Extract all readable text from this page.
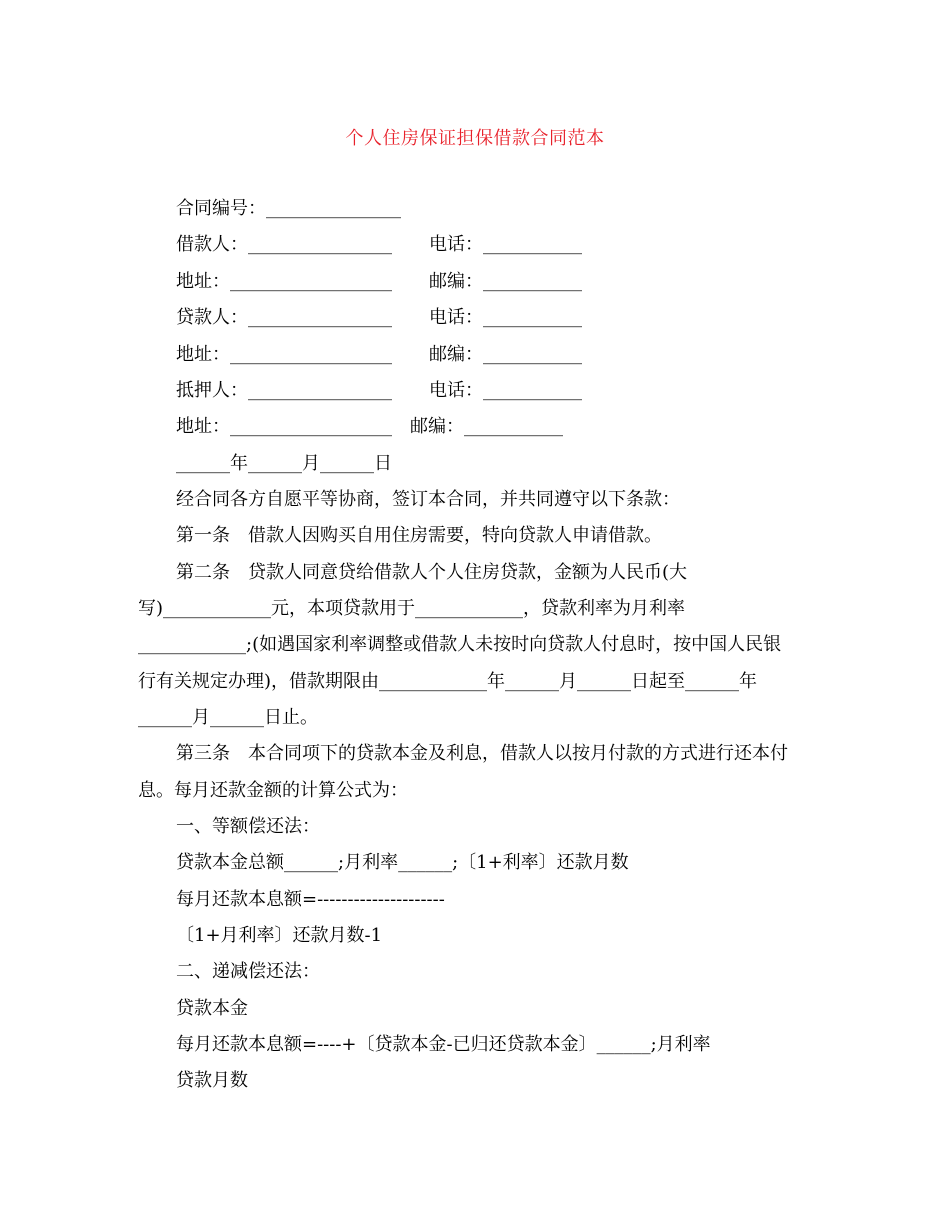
个人住房保证担保借款合同范本
合同编号：_______________
借款人：________________ 电话：___________
地址：__________________ 邮编：___________
贷款人：________________ 电话：___________
地址：__________________ 邮编：___________
抵押人：________________ 电话：___________
地址：__________________ 邮编：___________
______年______月______日
经合同各方自愿平等协商，签订本合同，并共同遵守以下条款：
第一条　借款人因购买自用住房需要，特向贷款人申请借款。
第二条　贷款人同意贷给借款人个人住房贷款，金额为人民币(大
写)____________元，本项贷款用于____________，贷款利率为月利率
____________;(如遇国家利率调整或借款人未按时向贷款人付息时，按中国人民银
行有关规定办理)，借款期限由____________年______月______日起至______年
______月______日止。
第三条　本合同项下的贷款本金及利息，借款人以按月付款的方式进行还本付
息。每月还款金额的计算公式为：
一、等额偿还法：
贷款本金总额______;月利率______;〔1+利率〕还款月数
每月还款本息额=---------------------
〔1+月利率〕还款月数-1
二、递减偿还法：
贷款本金
每月还款本息额=----+〔贷款本金-已归还贷款本金〕______;月利率
贷款月数
